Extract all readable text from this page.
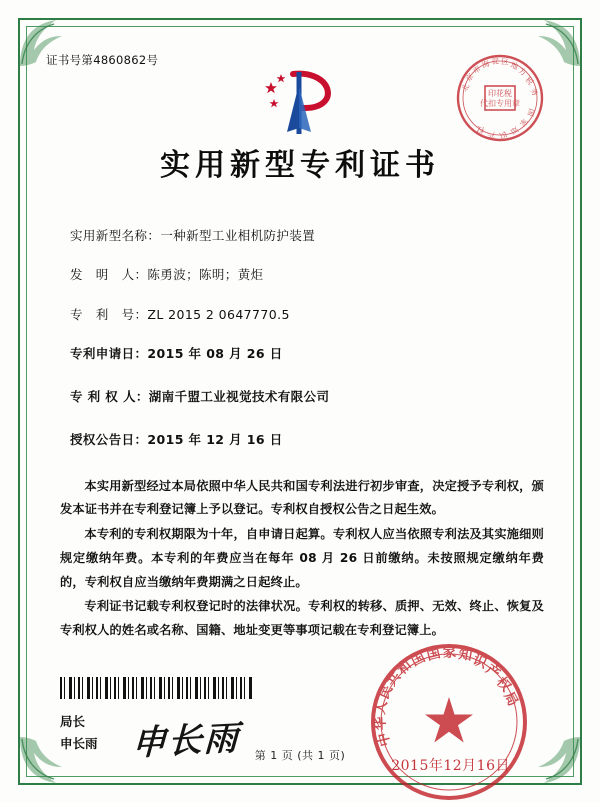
证书号第4860862号
印花税
代扣专用章
北
京
市
海 淀 区 地
方
税
务
国
家
知
识
产
权
实用新型专利证书
实用新型名称：一种新型工业相机防护装置
发　明　人：陈勇波；陈明；黄炬
专　利　号：ZL 2015 2 0647770.5
专利申请日：2015 年 08 月 26 日
专 利 权 人：湖南千盟工业视觉技术有限公司
授权公告日：2015 年 12 月 16 日

本实用新型经过本局依照中华人民共和国专利法进行初步审查，决定授予专利权，颁发本证书并在专利登记簿上予以登记。专利权自授权公告之日起生效。

本专利的专利权期限为十年，自申请日起算。专利权人应当依照专利法及其实施细则规定缴纳年费。本专利的年费应当在每年 08 月 26 日前缴纳。未按照规定缴纳年费的，专利权自应当缴纳年费期满之日起终止。

专利证书记载专利权登记时的法律状况。专利权的转移、质押、无效、终止、恢复及专利权人的姓名或名称、国籍、地址变更等事项记载在专利登记簿上。

局长
申长雨 申长雨	中
华
人
民
共
和
国
国 家 知
识
产
权
局
2015年12月16日
第 1 页 (共 1 页)
